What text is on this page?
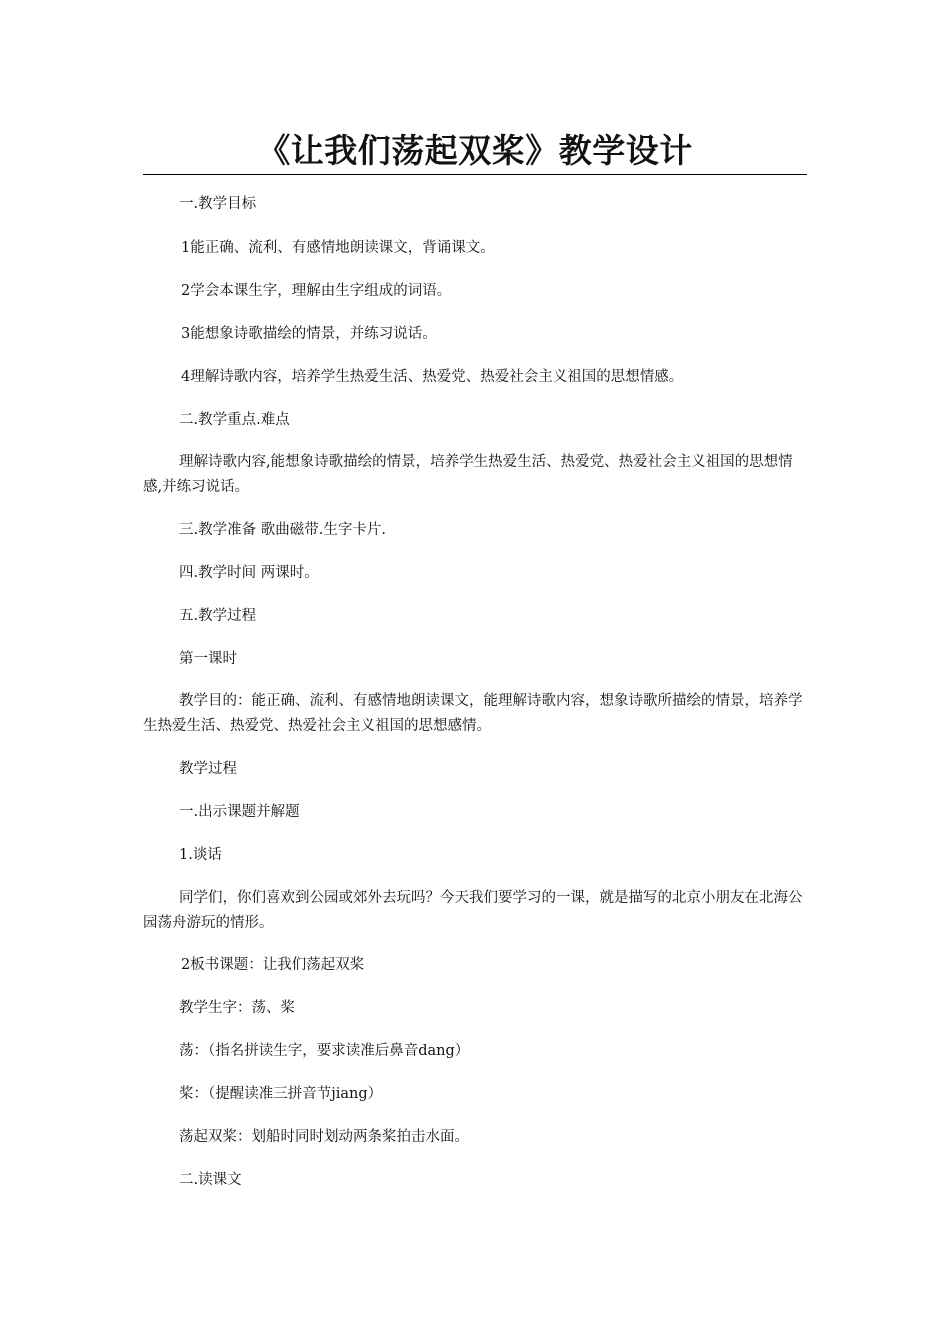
《让我们荡起双桨》教学设计

一.教学目标

1能正确、流利、有感情地朗读课文，背诵课文。

2学会本课生字，理解由生字组成的词语。

3能想象诗歌描绘的情景，并练习说话。

4理解诗歌内容，培养学生热爱生活、热爱党、热爱社会主义祖国的思想情感。

二.教学重点.难点

理解诗歌内容,能想象诗歌描绘的情景，培养学生热爱生活、热爱党、热爱社会主义祖国的思想情感,并练习说话。

三.教学准备 歌曲磁带.生字卡片.

四.教学时间 两课时。

五.教学过程

第一课时

教学目的：能正确、流利、有感情地朗读课文，能理解诗歌内容，想象诗歌所描绘的情景，培养学生热爱生活、热爱党、热爱社会主义祖国的思想感情。

教学过程

一.出示课题并解题

1.谈话

同学们，你们喜欢到公园或郊外去玩吗？今天我们要学习的一课，就是描写的北京小朋友在北海公园荡舟游玩的情形。

2板书课题：让我们荡起双桨

教学生字：荡、桨

荡：（指名拼读生字，要求读准后鼻音dang）

桨：（提醒读准三拼音节jiang）

荡起双桨：划船时同时划动两条桨拍击水面。

二.读课文
